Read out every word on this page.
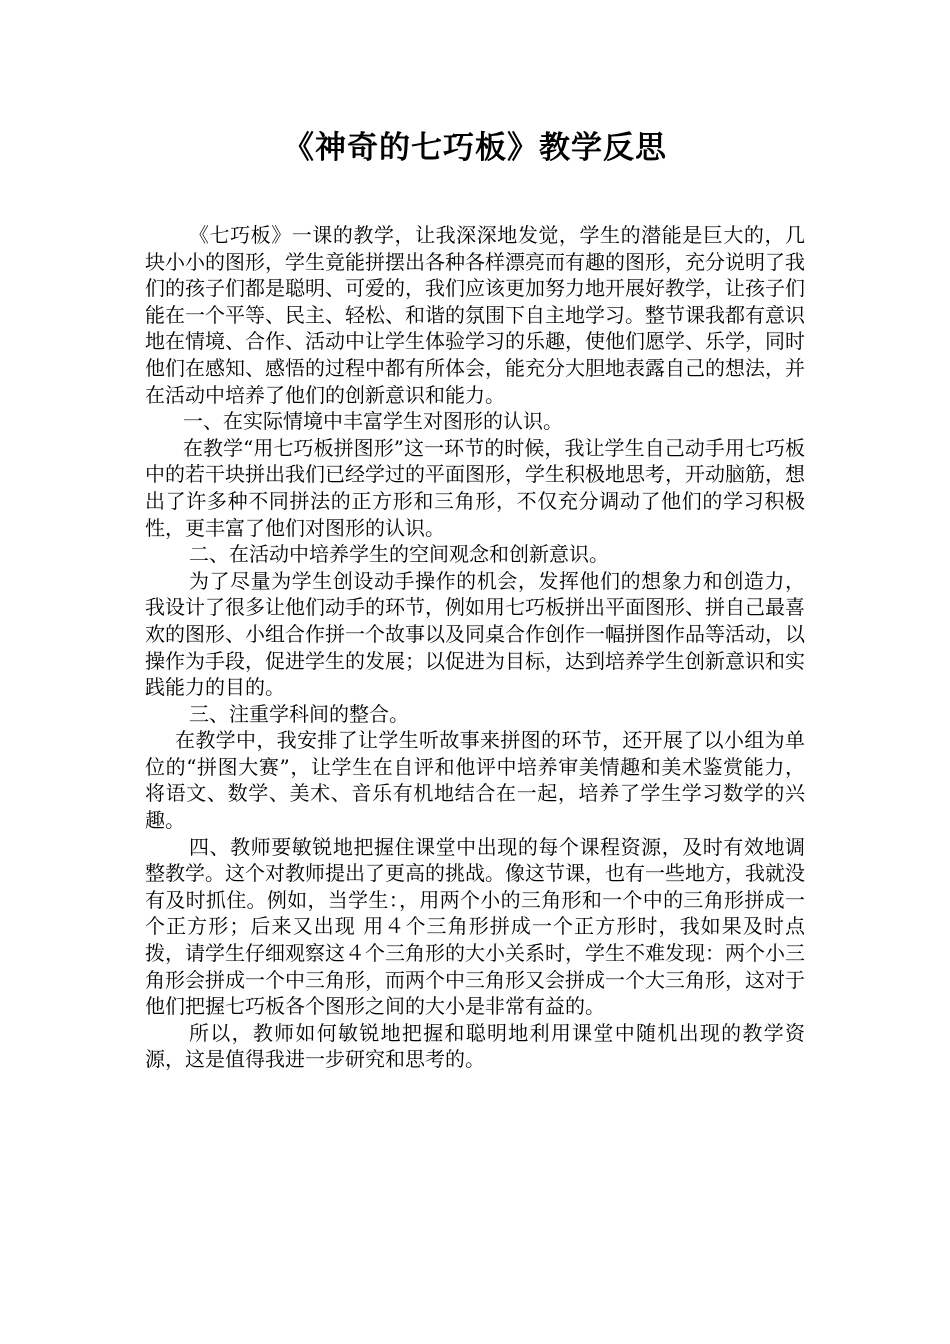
《神奇的七巧板》教学反思

《七巧板》一课的教学，让我深深地发觉，学生的潜能是巨大的，几块小小的图形，学生竟能拼摆出各种各样漂亮而有趣的图形，充分说明了我们的孩子们都是聪明、可爱的，我们应该更加努力地开展好教学，让孩子们能在一个平等、民主、轻松、和谐的氛围下自主地学习。整节课我都有意识地在情境、合作、活动中让学生体验学习的乐趣，使他们愿学、乐学，同时他们在感知、感悟的过程中都有所体会，能充分大胆地表露自己的想法，并在活动中培养了他们的创新意识和能力。

一、在实际情境中丰富学生对图形的认识。

在教学“用七巧板拼图形”这一环节的时候，我让学生自己动手用七巧板中的若干块拼出我们已经学过的平面图形，学生积极地思考，开动脑筋，想出了许多种不同拼法的正方形和三角形，不仅充分调动了他们的学习积极性，更丰富了他们对图形的认识。

二、在活动中培养学生的空间观念和创新意识。

为了尽量为学生创设动手操作的机会，发挥他们的想象力和创造力，我设计了很多让他们动手的环节，例如用七巧板拼出平面图形、拼自己最喜欢的图形、小组合作拼一个故事以及同桌合作创作一幅拼图作品等活动，以操作为手段，促进学生的发展；以促进为目标，达到培养学生创新意识和实践能力的目的。

三、注重学科间的整合。

在教学中，我安排了让学生听故事来拼图的环节，还开展了以小组为单位的“拼图大赛”，让学生在自评和他评中培养审美情趣和美术鉴赏能力，将语文、数学、美术、音乐有机地结合在一起，培养了学生学习数学的兴趣。

四、教师要敏锐地把握住课堂中出现的每个课程资源，及时有效地调整教学。这个对教师提出了更高的挑战。像这节课，也有一些地方，我就没有及时抓住。例如，当学生：，用两个小的三角形和一个中的三角形拼成一个正方形；后来又出现 用４个三角形拼成一个正方形时，我如果及时点拨，请学生仔细观察这４个三角形的大小关系时，学生不难发现：两个小三角形会拼成一个中三角形，而两个中三角形又会拼成一个大三角形，这对于他们把握七巧板各个图形之间的大小是非常有益的。

所以，教师如何敏锐地把握和聪明地利用课堂中随机出现的教学资源，这是值得我进一步研究和思考的。
